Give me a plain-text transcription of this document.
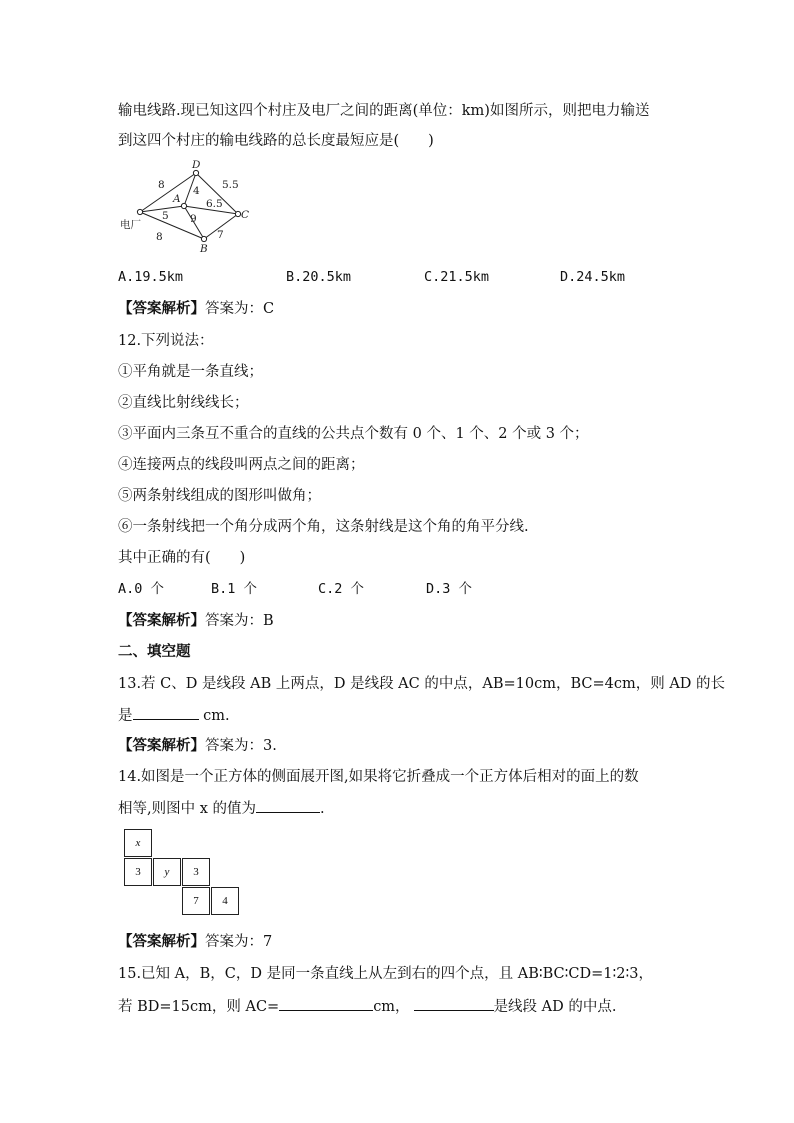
输电线路.现已知这四个村庄及电厂之间的距离(单位：km)如图所示，则把电力输送
到这四个村庄的输电线路的总长度最短应是(　　)
D
A
C
B
电厂
8	4 5.5
6.5
5 9
8	7
A.19.5km	B.20.5km	C.21.5km	D.24.5km
【答案解析】答案为：C
12.下列说法：
①平角就是一条直线；
②直线比射线线长；
③平面内三条互不重合的直线的公共点个数有 0 个、1 个、2 个或 3 个；
④连接两点的线段叫两点之间的距离；
⑤两条射线组成的图形叫做角；
⑥一条射线把一个角分成两个角，这条射线是这个角的角平分线.
其中正确的有(　　)
A.0 个	B.1 个	C.2 个	D.3 个
【答案解析】答案为：B
二、填空题
13.若 C、D 是线段 AB 上两点，D 是线段 AC 的中点，AB=10cm，BC=4cm，则 AD 的长
是	cm.
【答案解析】答案为：3.
14.如图是一个正方体的侧面展开图,如果将它折叠成一个正方体后相对的面上的数
相等,则图中 x 的值为	.
x
3	y	3
7	4
【答案解析】答案为：7
15.已知 A，B，C，D 是同一条直线上从左到右的四个点，且 AB∶BC∶CD=1∶2∶3，
若 BD=15cm，则 AC=	cm，	是线段 AD 的中点.
